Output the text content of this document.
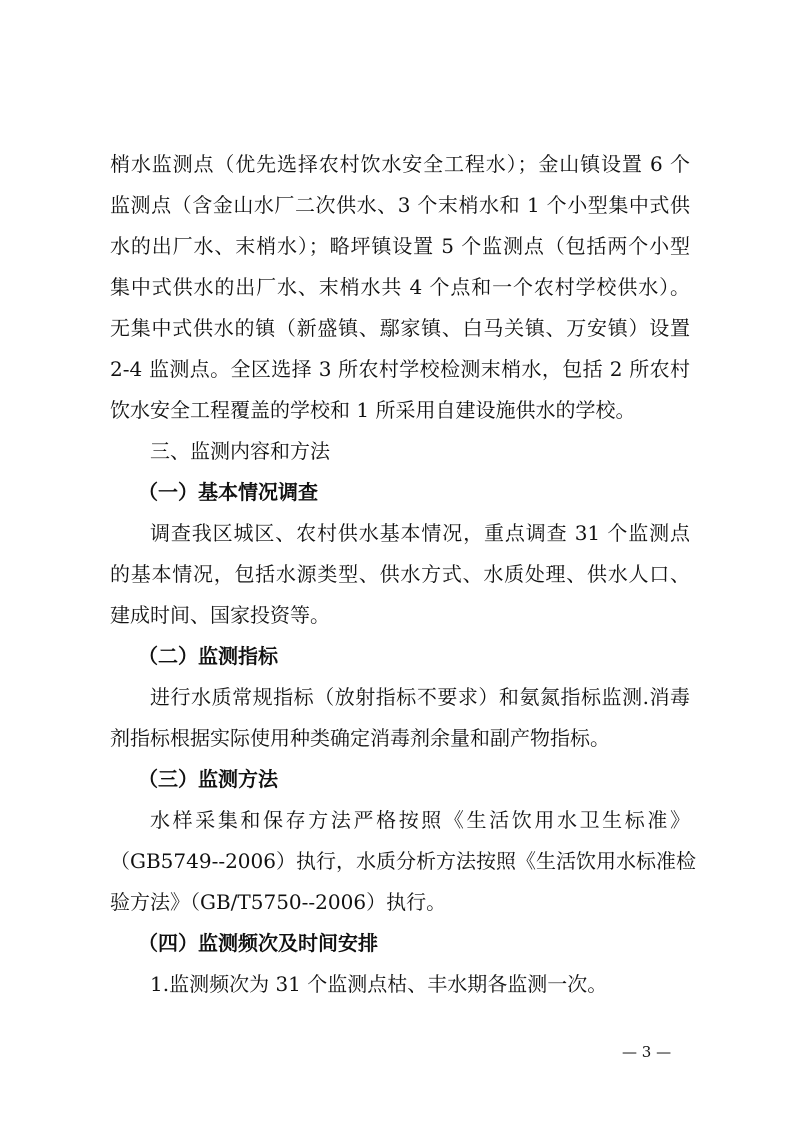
梢水监测点（优先选择农村饮水安全工程水）；金山镇设置 6 个
监测点（含金山水厂二次供水、3 个末梢水和 1 个小型集中式供
水的出厂水、末梢水）；略坪镇设置 5 个监测点（包括两个小型
集中式供水的出厂水、末梢水共 4 个点和一个农村学校供水）。
无集中式供水的镇（新盛镇、鄢家镇、白马关镇、万安镇）设置
2-4 监测点。全区选择 3 所农村学校检测末梢水，包括 2 所农村
饮水安全工程覆盖的学校和 1 所采用自建设施供水的学校。
三、监测内容和方法
（一）基本情况调查
调查我区城区、农村供水基本情况，重点调查 31 个监测点
的基本情况，包括水源类型、供水方式、水质处理、供水人口、
建成时间、国家投资等。
（二）监测指标
进行水质常规指标（放射指标不要求）和氨氮指标监测.消毒
剂指标根据实际使用种类确定消毒剂余量和副产物指标。
（三）监测方法
水样采集和保存方法严格按照《生活饮用水卫生标准》
（GB5749--2006）执行，水质分析方法按照《生活饮用水标准检
验方法》（GB/T5750--2006）执行。
（四）监测频次及时间安排
1.监测频次为 31 个监测点枯、丰水期各监测一次。
— 3 —
